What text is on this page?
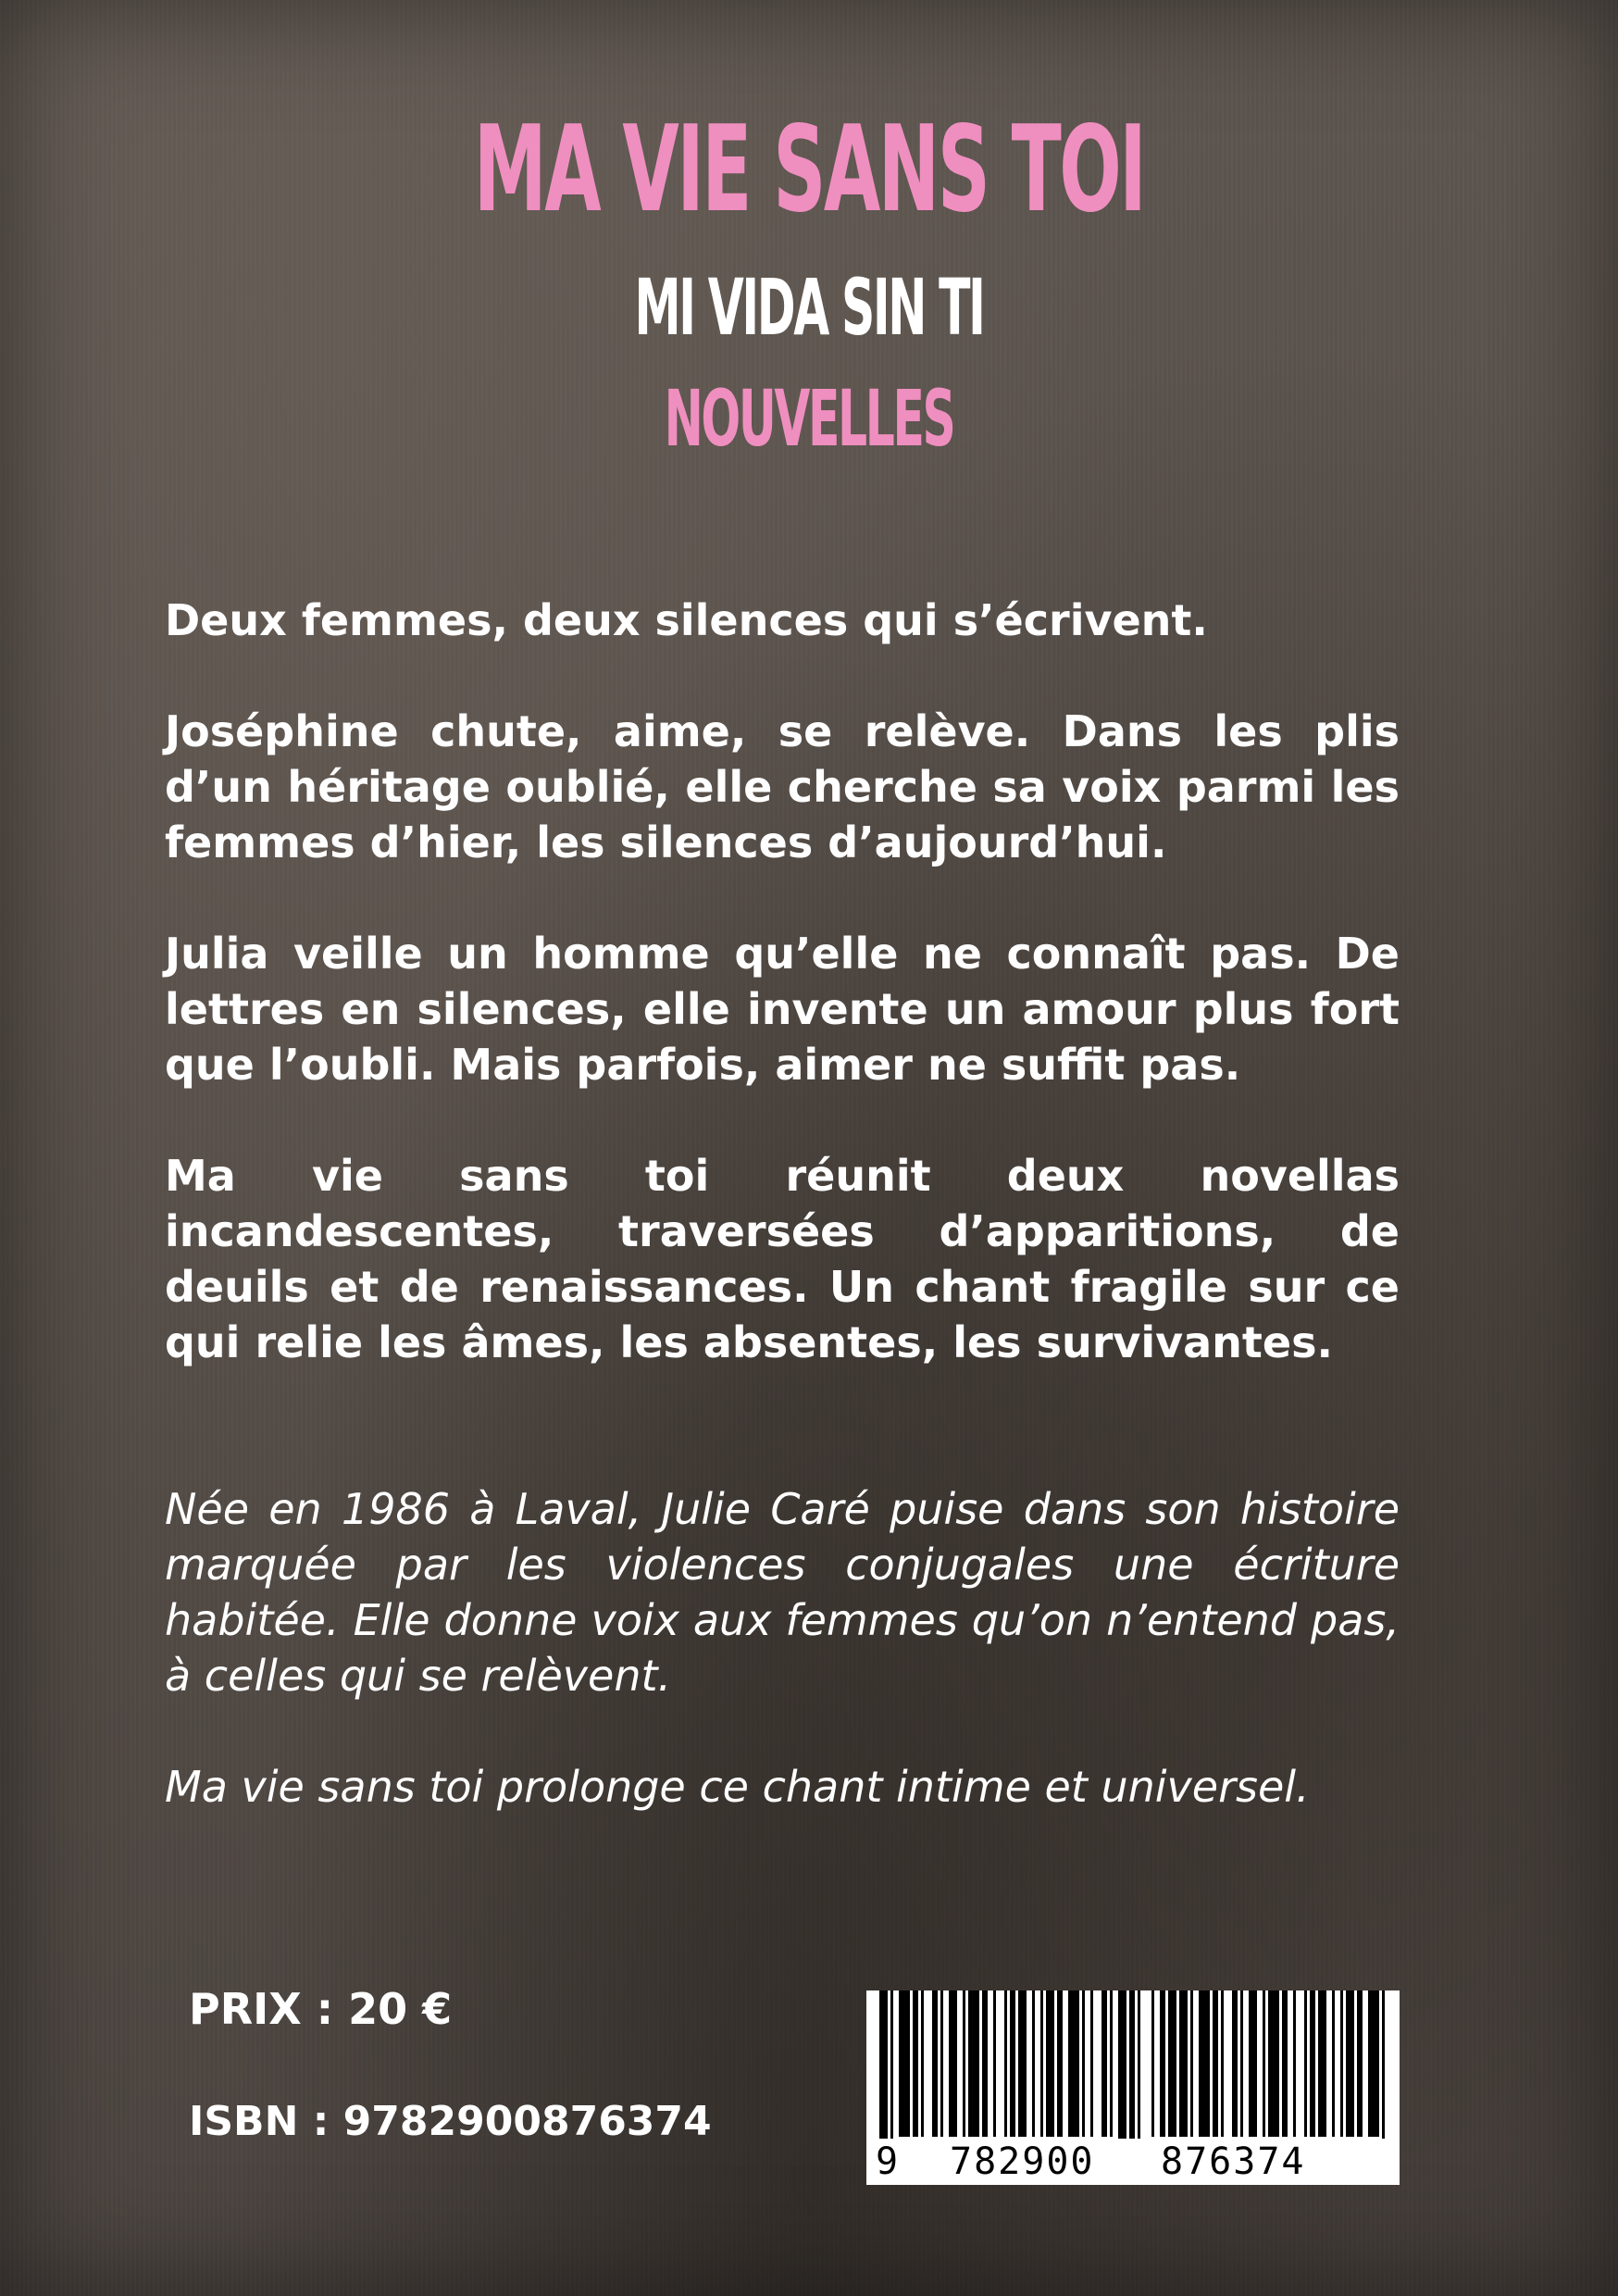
MA VIE SANS TOI
MI VIDA SIN TI
NOUVELLES

Deux femmes, deux silences qui s’écrivent.

Joséphine chute, aime, se relève. Dans les plis d’un héritage oublié, elle cherche sa voix parmi les femmes d’hier, les silences d’aujourd’hui.

Julia veille un homme qu’elle ne connaît pas. De lettres en silences, elle invente un amour plus fort que l’oubli. Mais parfois, aimer ne suffit pas.

Ma vie sans toi réunit deux novellas incandescentes, traversées d’apparitions, de deuils et de renaissances. Un chant fragile sur ce qui relie les âmes, les absentes, les survivantes.

Née en 1986 à Laval, Julie Caré puise dans son histoire marquée par les violences conjugales une écriture habitée. Elle donne voix aux femmes qu’on n’entend pas, à celles qui se relèvent.

Ma vie sans toi prolonge ce chant intime et universel.

PRIX : 20 €
ISBN : 9782900876374
9 782900 876374
